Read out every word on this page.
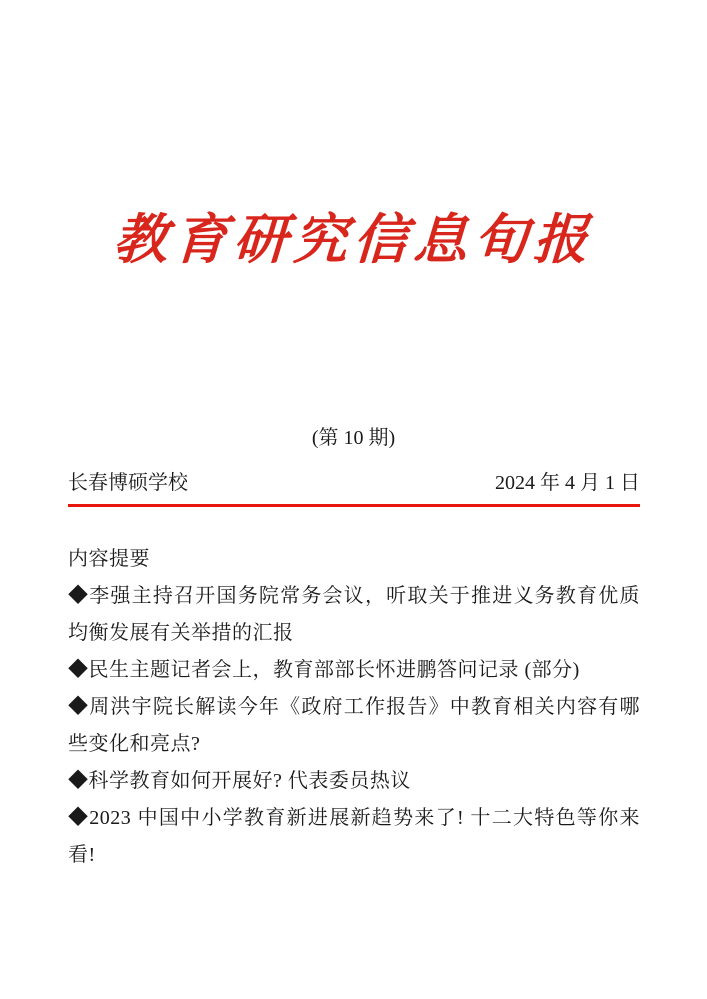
教育研究信息旬报
(第 10 期)
长春博硕学校	2024 年 4 月 1 日

内容提要

◆李强主持召开国务院常务会议，听取关于推进义务教育优质均衡发展有关举措的汇报

◆民生主题记者会上，教育部部长怀进鹏答问记录 (部分)

◆周洪宇院长解读今年《政府工作报告》中教育相关内容有哪些变化和亮点?

◆科学教育如何开展好? 代表委员热议

◆2023 中国中小学教育新进展新趋势来了! 十二大特色等你来看!
